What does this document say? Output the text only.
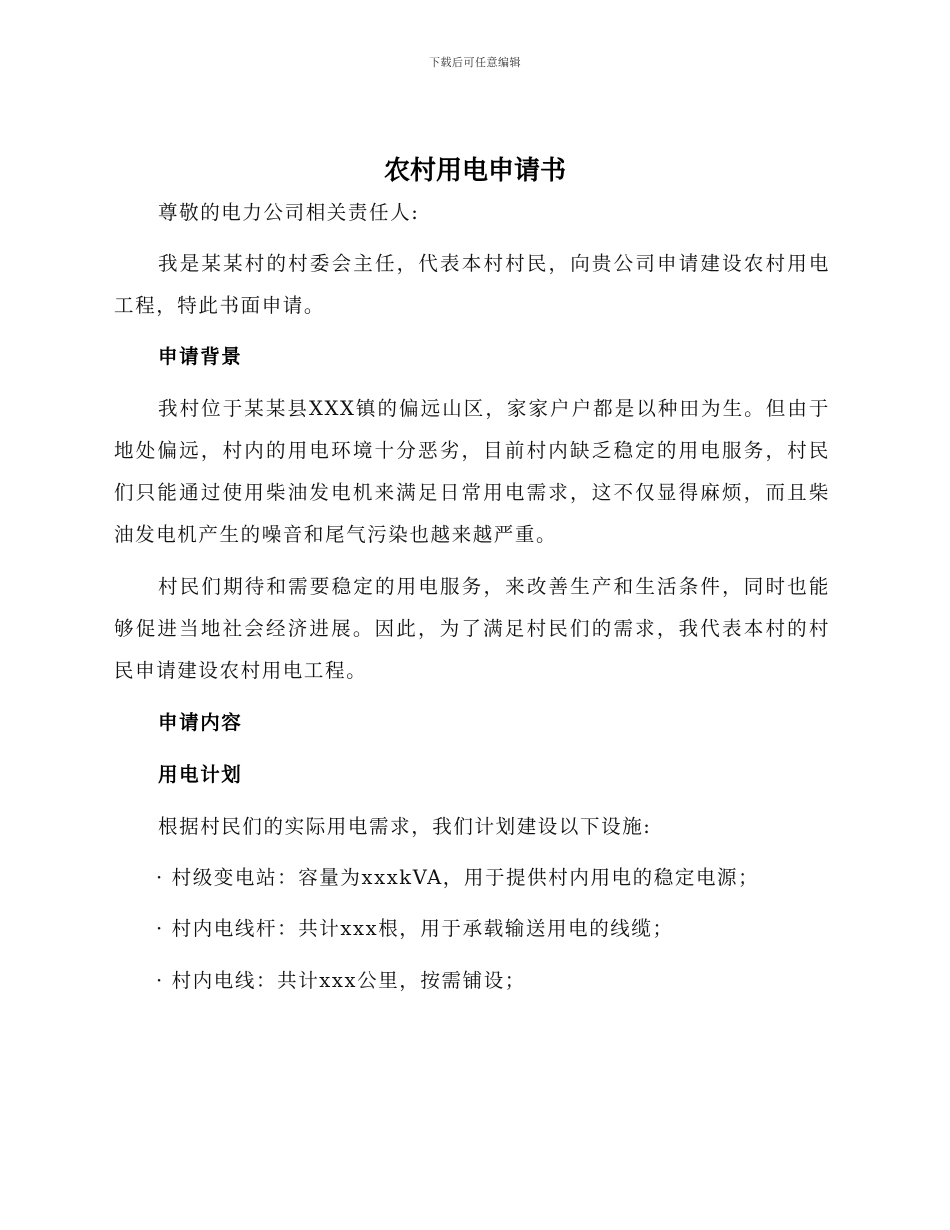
下载后可任意编辑
农村用电申请书

尊敬的电力公司相关责任人:

我是某某村的村委会主任，代表本村村民，向贵公司申请建设农村用电工程，特此书面申请。

申请背景

我村位于某某县XXX镇的偏远山区，家家户户都是以种田为生。但由于地处偏远，村内的用电环境十分恶劣，目前村内缺乏稳定的用电服务，村民们只能通过使用柴油发电机来满足日常用电需求，这不仅显得麻烦，而且柴油发电机产生的噪音和尾气污染也越来越严重。

村民们期待和需要稳定的用电服务，来改善生产和生活条件，同时也能够促进当地社会经济进展。因此，为了满足村民们的需求，我代表本村的村民申请建设农村用电工程。

申请内容
用电计划

根据村民们的实际用电需求，我们计划建设以下设施:

· 村级变电站：容量为xxxkVA，用于提供村内用电的稳定电源；

· 村内电线杆：共计xxx根，用于承载输送用电的线缆；

· 村内电线：共计xxx公里，按需铺设；
